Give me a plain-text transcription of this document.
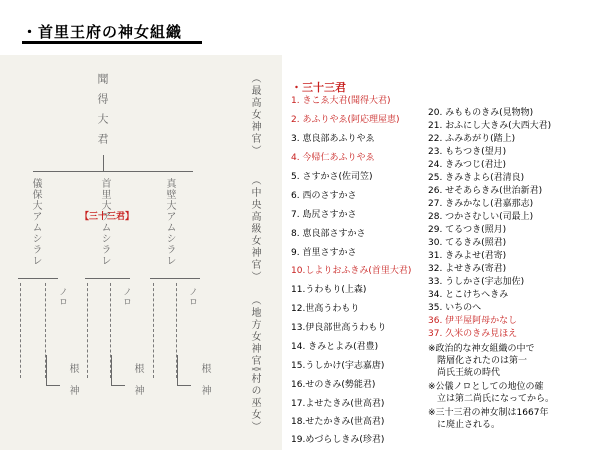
・首里王府の神女組織
聞得大君	（最高女神官）
【三十三君】
儀保大アムシラレ	首里大アムシラレ	真壁大アムシラレ	（中央高級女神官）
ノロ	ノロ	ノロ	（地方女神官）
根神	根神	根神	（村の巫女）
・三十三君
1. きこゑ大君(聞得大君)
2. あふりやゑ(阿応理屋恵)
3. 恵良部あふりやゑ
4. 今帰仁あふりやゑ
5. さすかさ(佐司笠)
6. 西のさすかさ
7. 島尻さすかさ
8. 恵良部さすかさ
9. 首里さすかさ
10.しよりおふきみ(首里大君)
11.うわもり(上森)
12.世高うわもり
13.伊良部世高うわもり
14. きみとよみ(君豊)
15.うしかけ(宇志嘉唐)
16.せのきみ(勢能君)
17.よせたきみ(世高君)
18.せたかきみ(世高君)
19.めづらしきみ(珍君)
20. みもものきみ(見物物)
21. おふにし大きみ(大西大君)
22. ふみあがり(踏上)
23. もちつき(望月)
24. きみつじ(君辻)
25. きみきよら(君清良)
26. せそあらきみ(世治新君)
27. きみかなし(君嘉那志)
28. つかさむしい(司最上)
29. てるつき(照月)
30. てるきみ(照君)
31. きみよせ(君寄)
32. よせきみ(寄君)
33. うしかさ(宇志加佐)
34. とこけちへきみ
35. いちのへ
36. 伊平屋阿母かなし
37. 久米のきみ見ほえ
※政治的な神女組織の中で
　階層化されたのは第一
　尚氏王統の時代
※公儀ノロとしての地位の確
　立は第二尚氏になってから。
※三十三君の神女制は1667年
　に廃止される。
